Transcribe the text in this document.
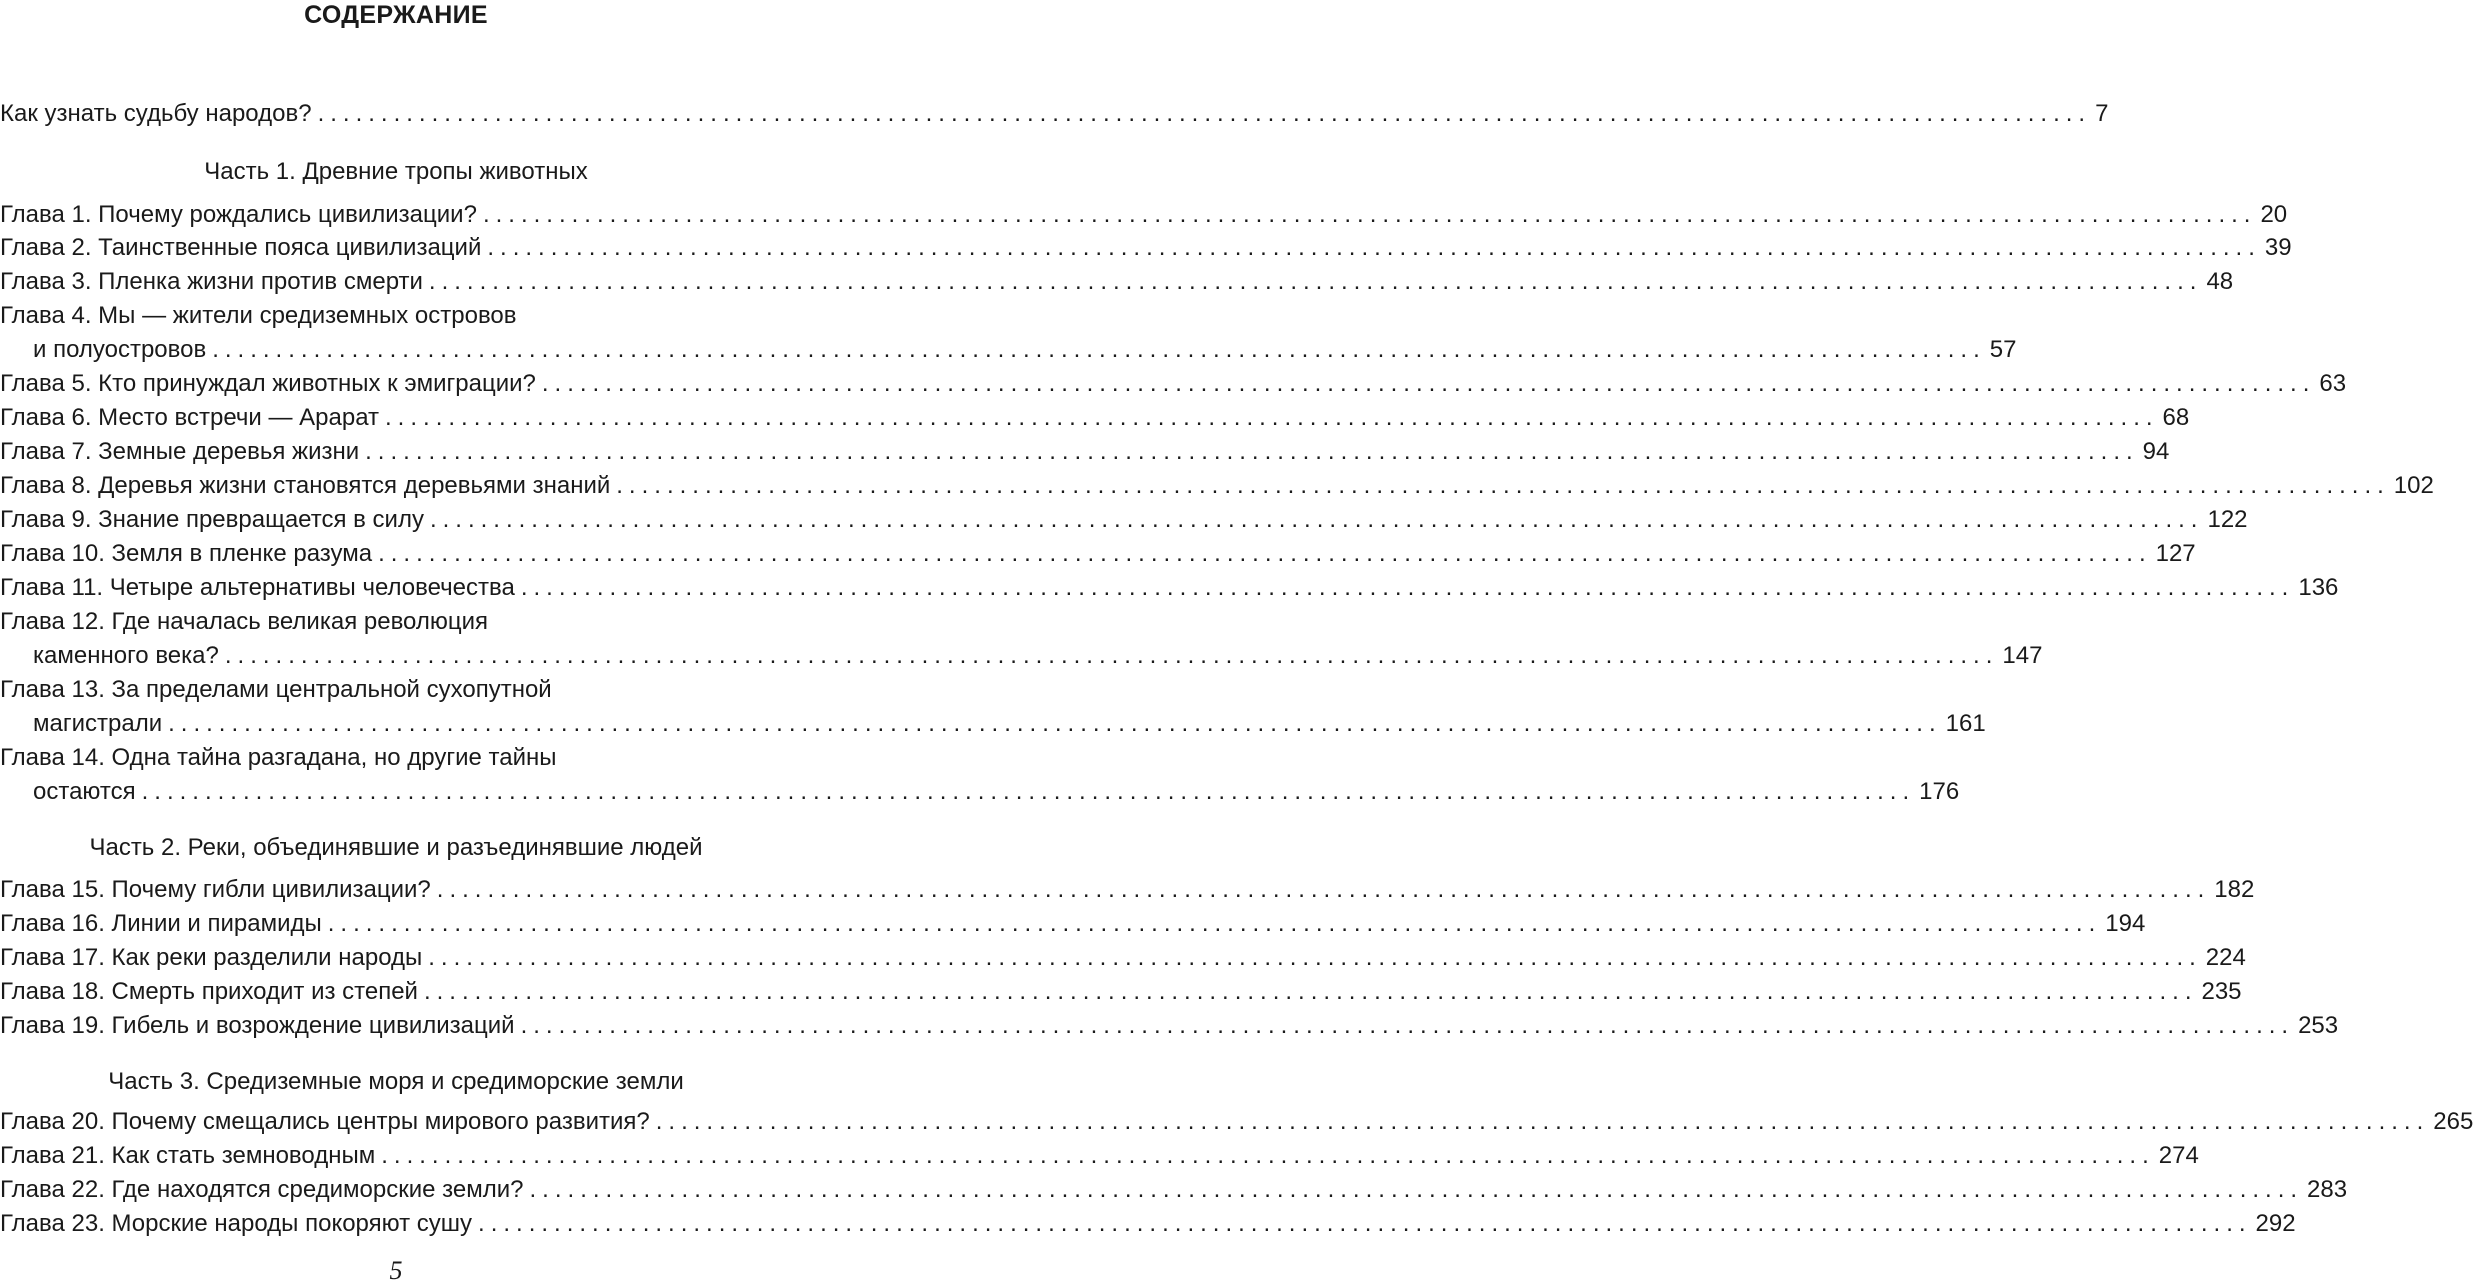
СОДЕРЖАНИЕ
Как узнать судьбу народов? ............................................................................................................................................ 7
Часть 1. Древние тропы животных
Глава 1. Почему рождались цивилизации? ............................................................................................................................................ 20
Глава 2. Таинственные пояса цивилизаций ............................................................................................................................................ 39
Глава 3. Пленка жизни против смерти ............................................................................................................................................ 48
Глава 4. Мы — жители средиземных островов
и полуостровов ............................................................................................................................................ 57
Глава 5. Кто принуждал животных к эмиграции? ............................................................................................................................................ 63
Глава 6. Место встречи — Арарат ............................................................................................................................................ 68
Глава 7. Земные деревья жизни ............................................................................................................................................ 94
Глава 8. Деревья жизни становятся деревьями знаний ............................................................................................................................................ 102
Глава 9. Знание превращается в силу ............................................................................................................................................ 122
Глава 10. Земля в пленке разума ............................................................................................................................................ 127
Глава 11. Четыре альтернативы человечества ............................................................................................................................................ 136
Глава 12. Где началась великая революция
каменного века? ............................................................................................................................................ 147
Глава 13. За пределами центральной сухопутной
магистрали ............................................................................................................................................ 161
Глава 14. Одна тайна разгадана, но другие тайны
остаются ............................................................................................................................................ 176
Часть 2. Реки, объединявшие и разъединявшие людей
Глава 15. Почему гибли цивилизации? ............................................................................................................................................ 182
Глава 16. Линии и пирамиды ............................................................................................................................................ 194
Глава 17. Как реки разделили народы ............................................................................................................................................ 224
Глава 18. Смерть приходит из степей ............................................................................................................................................ 235
Глава 19. Гибель и возрождение цивилизаций ............................................................................................................................................ 253
Часть 3. Средиземные моря и средиморские земли
Глава 20. Почему смещались центры мирового развития? ............................................................................................................................................ 265
Глава 21. Как стать земноводным ............................................................................................................................................ 274
Глава 22. Где находятся средиморские земли? ............................................................................................................................................ 283
Глава 23. Морские народы покоряют сушу ............................................................................................................................................ 292
5
